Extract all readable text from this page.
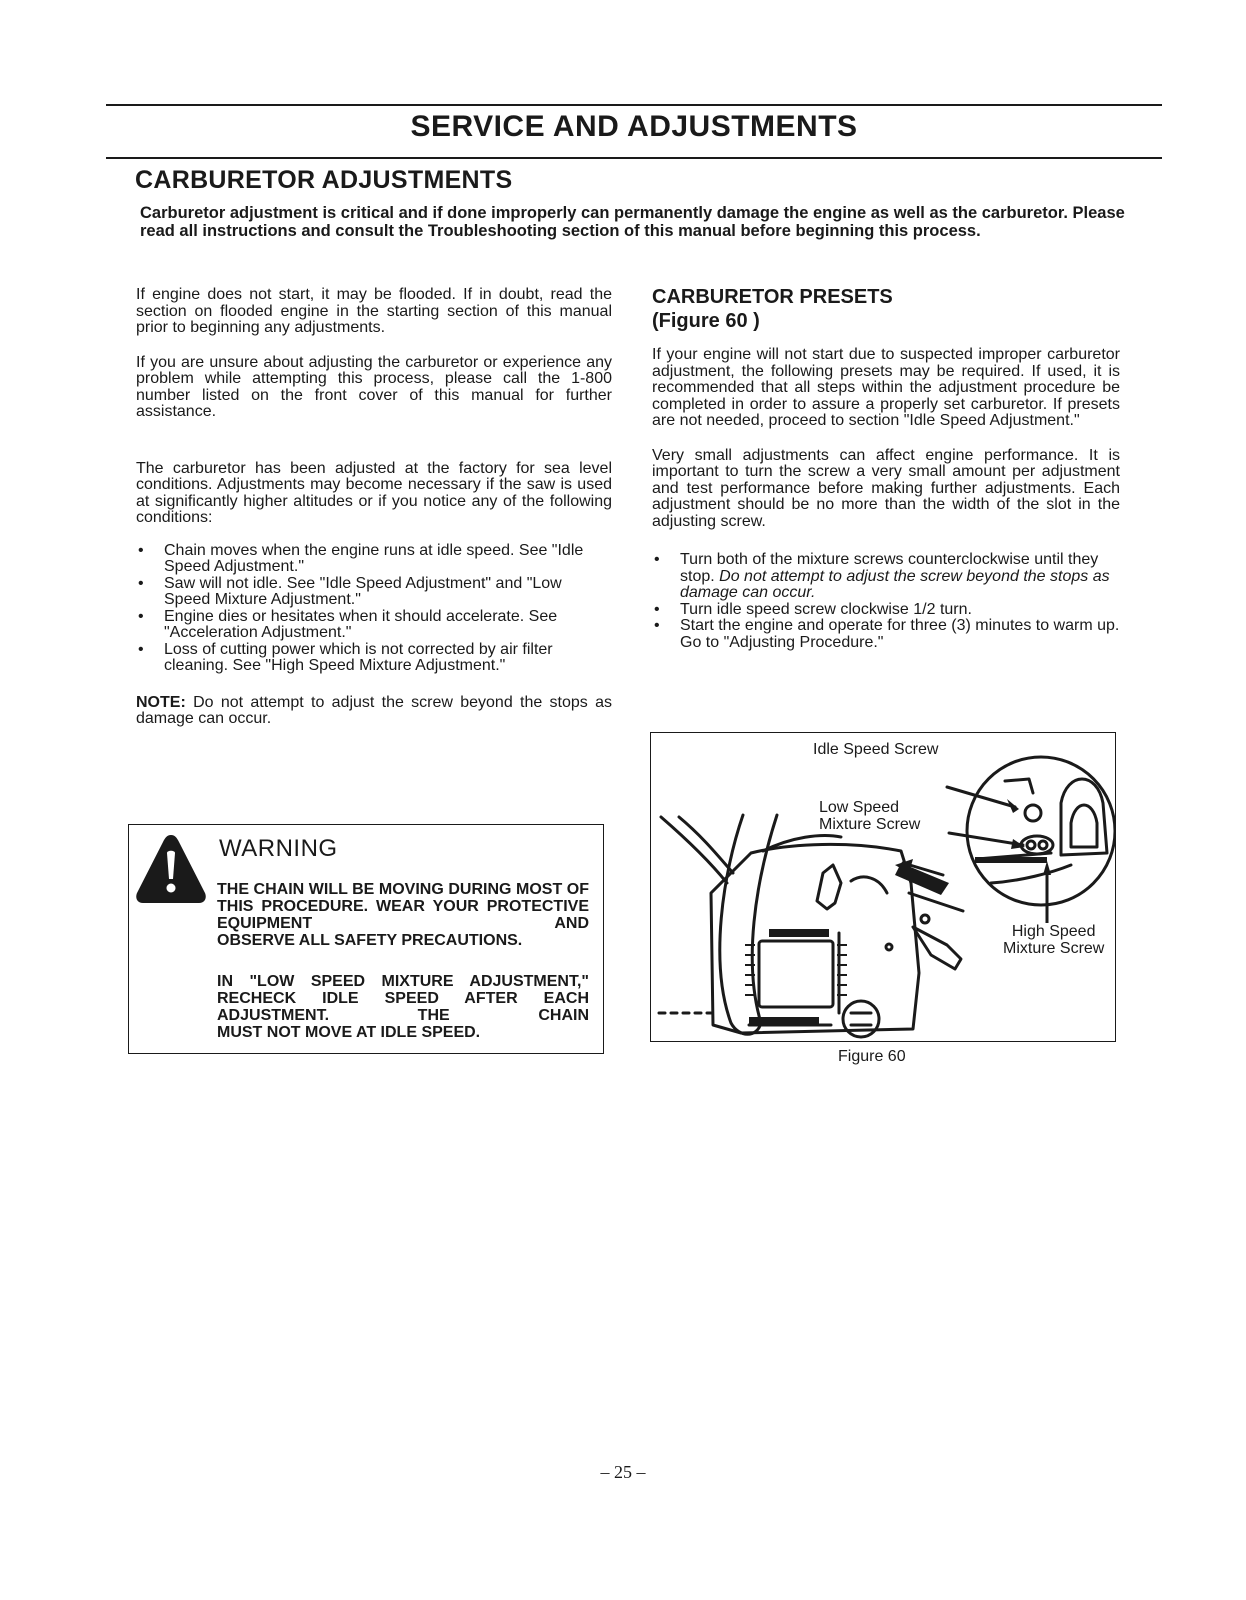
SERVICE AND ADJUSTMENTS
CARBURETOR ADJUSTMENTS

Carburetor adjustment is critical and if done improperly can permanently damage the engine as well as the carburetor. Please read all instructions and consult the Troubleshooting section of this manual before beginning this process.

If engine does not start, it may be flooded. If in doubt, read the section on flooded engine in the starting section of this manual prior to beginning any adjustments.

If you are unsure about adjusting the carburetor or experience any problem while attempting this process, please call the 1-800 number listed on the front cover of this manual for further assistance.

The carburetor has been adjusted at the factory for sea level conditions. Adjustments may become necessary if the saw is used at significantly higher altitudes or if you notice any of the following conditions:

• Chain moves when the engine runs at idle speed. See "Idle Speed Adjustment."
• Saw will not idle. See "Idle Speed Adjustment" and "Low Speed Mixture Adjustment."
• Engine dies or hesitates when it should accelerate. See "Acceleration Adjustment."
• Loss of cutting power which is not corrected by air filter cleaning. See "High Speed Mixture Adjustment."

NOTE: Do not attempt to adjust the screw beyond the stops as damage can occur.

WARNING

THE CHAIN WILL BE MOVING DURING MOST OF THIS PROCEDURE. WEAR YOUR PROTECTIVE EQUIPMENT AND
OBSERVE ALL SAFETY PRECAUTIONS.

IN "LOW SPEED MIXTURE ADJUSTMENT," RECHECK IDLE SPEED AFTER EACH ADJUSTMENT. THE CHAIN
MUST NOT MOVE AT IDLE SPEED.

CARBURETOR PRESETS

(Figure 60 )

If your engine will not start due to suspected improper carburetor adjustment, the following presets may be required. If used, it is recommended that all steps within the adjustment procedure be completed in order to assure a properly set carburetor. If presets are not needed, proceed to section "Idle Speed Adjustment."

Very small adjustments can affect engine performance. It is important to turn the screw a very small amount per adjustment and test performance before making further adjustments. Each adjustment should be no more than the width of the slot in the adjusting screw.

• Turn both of the mixture screws counterclockwise until they stop. Do not attempt to adjust the screw beyond the stops as damage can occur.
• Turn idle speed screw clockwise 1/2 turn.
• Start the engine and operate for three (3) minutes to warm up. Go to "Adjusting Procedure."
Idle Speed Screw
Low Speed
Mixture Screw
High Speed
Mixture Screw
Figure 60
– 25 –
